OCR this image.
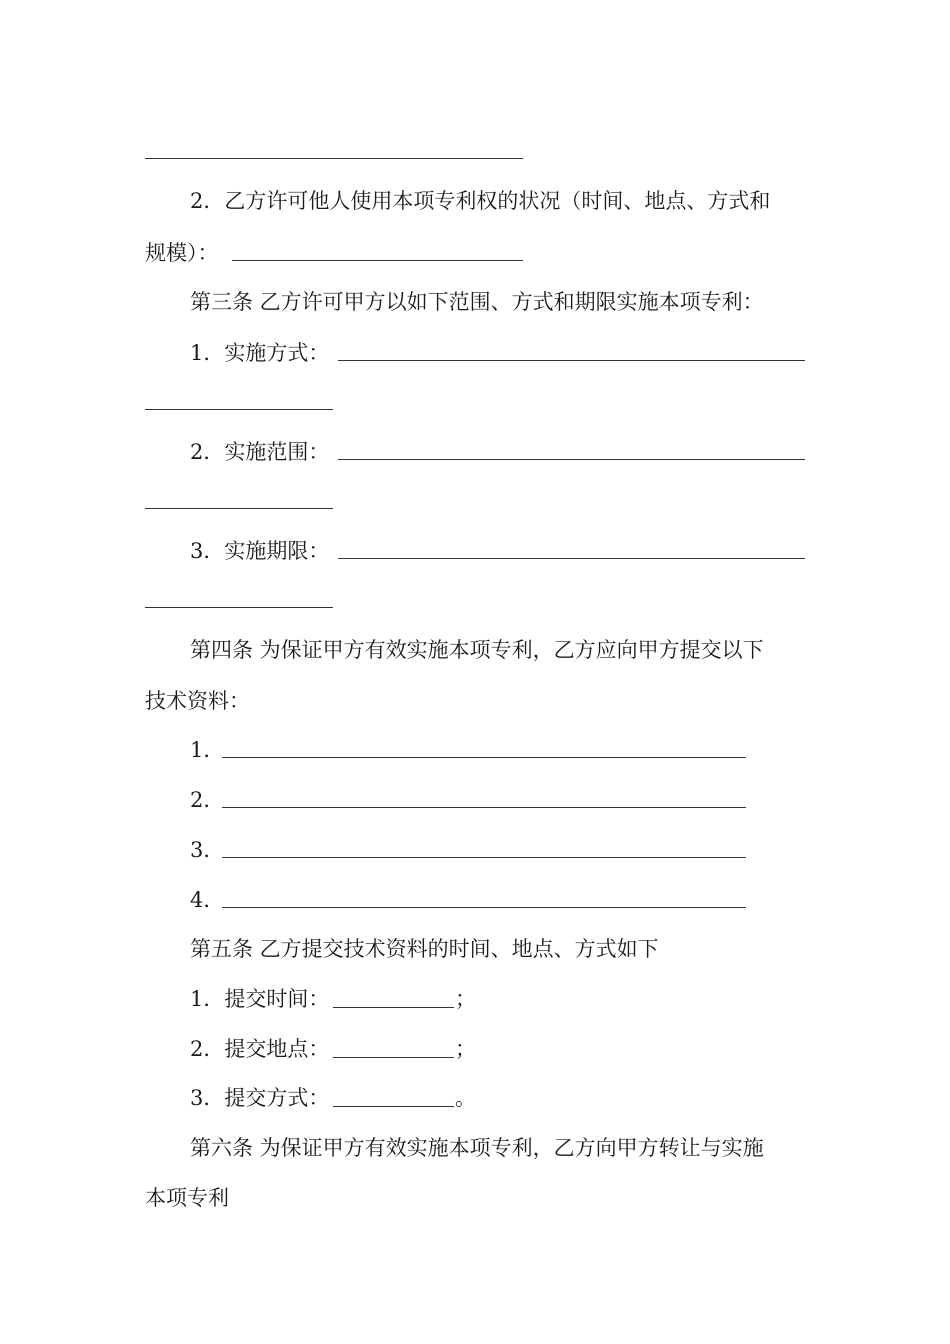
2．乙方许可他人使用本项专利权的状况（时间、地点、方式和
规模）：
第三条 乙方许可甲方以如下范围、方式和期限实施本项专利：
1．实施方式：
2．实施范围：
3．实施期限：
第四条 为保证甲方有效实施本项专利，乙方应向甲方提交以下
技术资料：
1．
2．
3．
4．
第五条 乙方提交技术资料的时间、地点、方式如下
1．提交时间：	；
2．提交地点：	；
3．提交方式：	。
第六条 为保证甲方有效实施本项专利，乙方向甲方转让与实施
本项专利
